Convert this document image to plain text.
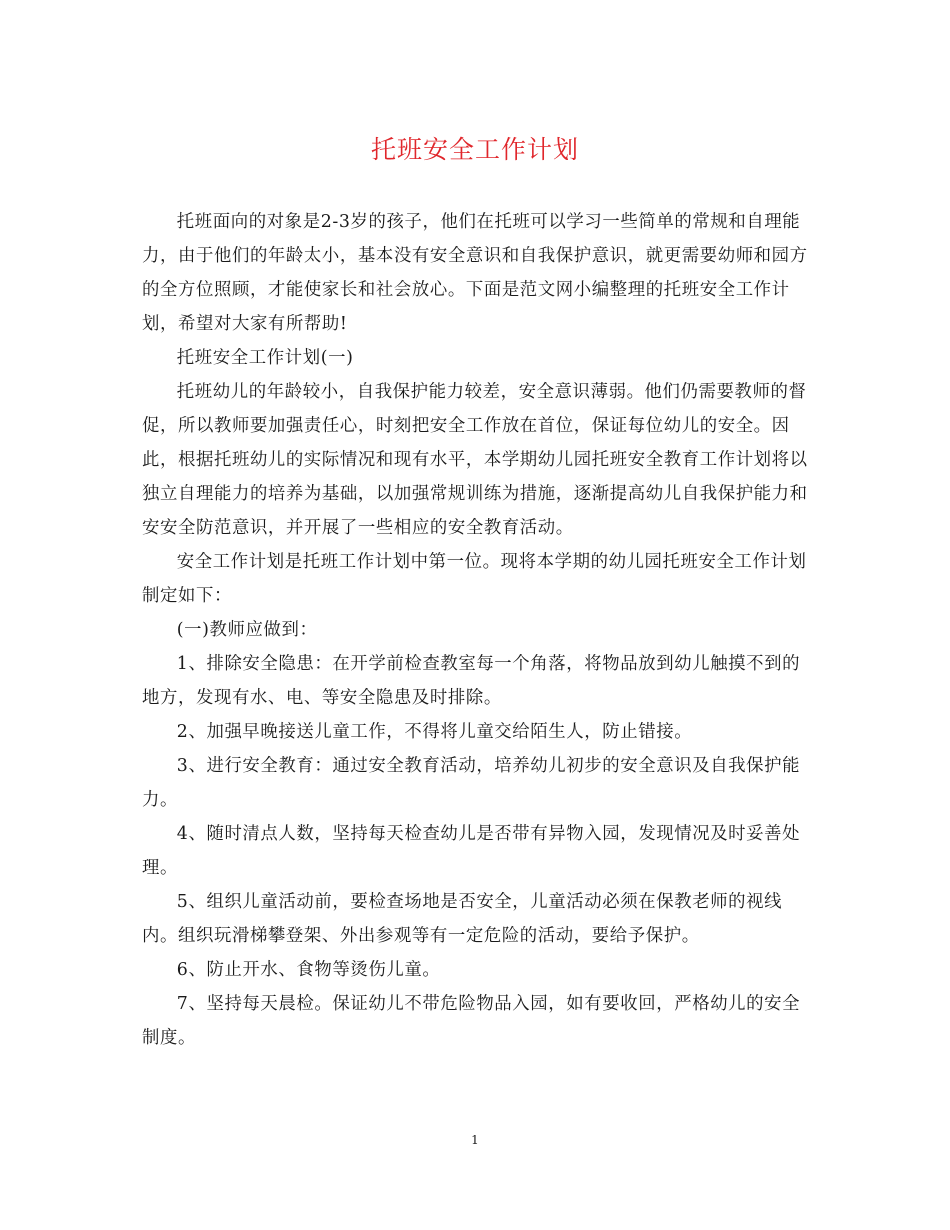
托班安全工作计划

托班面向的对象是2-3岁的孩子，他们在托班可以学习一些简单的常规和自理能力，由于他们的年龄太小，基本没有安全意识和自我保护意识，就更需要幼师和园方的全方位照顾，才能使家长和社会放心。下面是范文网小编整理的托班安全工作计划，希望对大家有所帮助!

托班安全工作计划(一)

托班幼儿的年龄较小，自我保护能力较差，安全意识薄弱。他们仍需要教师的督促，所以教师要加强责任心，时刻把安全工作放在首位，保证每位幼儿的安全。因此，根据托班幼儿的实际情况和现有水平，本学期幼儿园托班安全教育工作计划将以独立自理能力的培养为基础，以加强常规训练为措施，逐渐提高幼儿自我保护能力和安安全防范意识，并开展了一些相应的安全教育活动。

安全工作计划是托班工作计划中第一位。现将本学期的幼儿园托班安全工作计划制定如下：

(一)教师应做到：

1、排除安全隐患：在开学前检查教室每一个角落，将物品放到幼儿触摸不到的地方，发现有水、电、等安全隐患及时排除。

2、加强早晚接送儿童工作，不得将儿童交给陌生人，防止错接。

3、进行安全教育：通过安全教育活动，培养幼儿初步的安全意识及自我保护能力。

4、随时清点人数，坚持每天检查幼儿是否带有异物入园，发现情况及时妥善处理。

5、组织儿童活动前，要检查场地是否安全，儿童活动必须在保教老师的视线内。组织玩滑梯攀登架、外出参观等有一定危险的活动，要给予保护。

6、防止开水、食物等烫伤儿童。

7、坚持每天晨检。保证幼儿不带危险物品入园，如有要收回，严格幼儿的安全制度。

1
